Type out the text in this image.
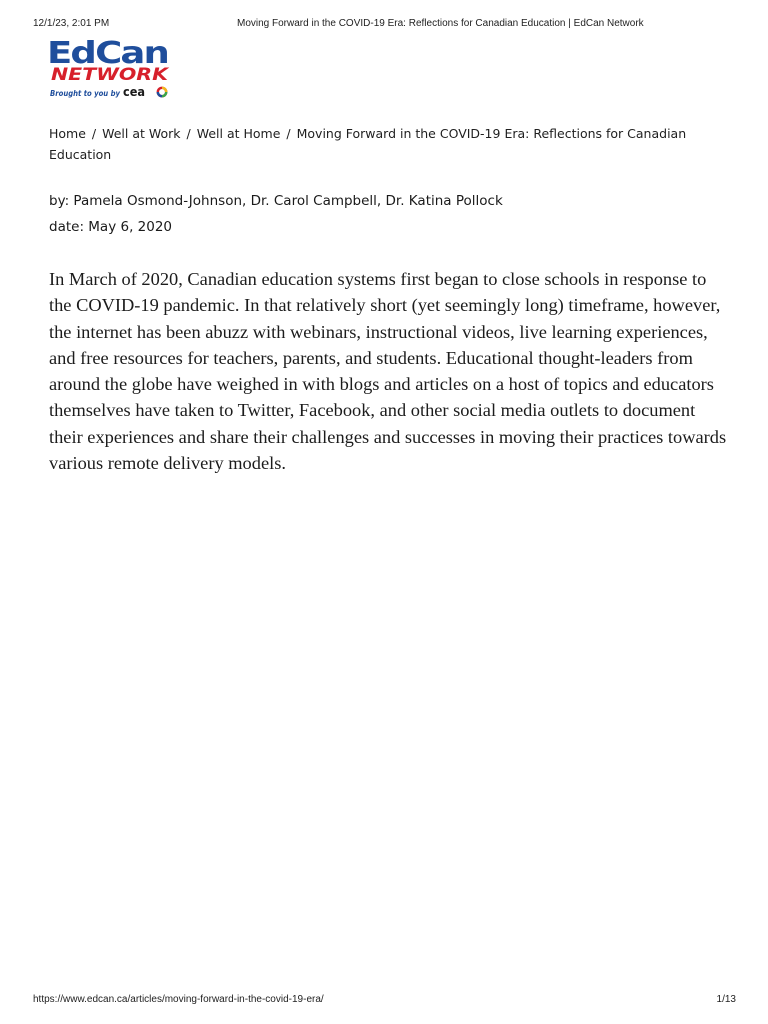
12/1/23, 2:01 PM	Moving Forward in the COVID-19 Era: Reflections for Canadian Education | EdCan Network
EdCan
NETWORK
Brought to you by cea
Home / Well at Work / Well at Home / Moving Forward in the COVID-19 Era: Reflections for Canadian Education
by: Pamela Osmond-Johnson, Dr. Carol Campbell, Dr. Katina Pollock
date: May 6, 2020

In March of 2020, Canadian education systems first began to close schools in response to the COVID-19 pandemic. In that relatively short (yet seemingly long) timeframe, however, the internet has been abuzz with webinars, instructional videos, live learning experiences, and free resources for teachers, parents, and students. Educational thought-leaders from around the globe have weighed in with blogs and articles on a host of topics and educators themselves have taken to Twitter, Facebook, and other social media outlets to document their experiences and share their challenges and successes in moving their practices towards various remote delivery models.

https://www.edcan.ca/articles/moving-forward-in-the-covid-19-era/	1/13
